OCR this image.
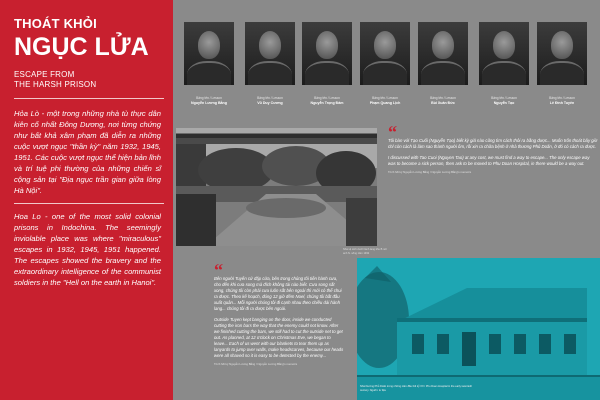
THOÁT KHỎI
NGỤC LỬA
ESCAPE FROM
THE HARSH PRISON

Hỏa Lò - một trong những nhà tù thực dân kiên cố nhất Đông Dương, nơi từng chứng như bất khả xâm phạm đã diễn ra những cuộc vượt ngục "thần kỳ" năm 1932, 1945, 1951. Các cuộc vượt ngục thể hiện bản lĩnh và trí tuệ phi thường của những chiến sĩ cộng sản tại "Địa ngục trần gian giữa lòng Hà Nội".

Hoa Lo - one of the most solid colonial prisons in Indochina. The seemingly inviolable place was where "miraculous" escapes in 1932, 1945, 1951 happened. The escapes showed the bravery and the extraordinary intelligence of the communist soldiers in the "Hell on the earth in Hanoi".

Bảng tên / Lesson
Nguyễn Lương Bằng
Bảng tên / Lesson
Vũ Duy Cương
Bảng tên / Lesson
Nguyễn Trọng Đảm
Bảng tên / Lesson
Phạm Quang Lịch
Bảng tên / Lesson
Bùi Xuân Đức
Bảng tên / Lesson
Nguyễn Tạo
Bảng tên / Lesson
Lê Đình Tuyến
Nhà vệ sinh dưới hành lang khu B nơi anh N. sống năm 1932
“

Tôi bàn với Tạo Cuối (Nguyễn Tạo) biết kỳ giả nào cũng tìm cách thôi ra bằng được... Muốn trốn thoát bây giờ chỉ còn cách là làm sao thành người ốm, rồi xin ra chữa bệnh ở nhà thương Phủ Doãn, ở đó có cách ra được.

I discussed with Tao Cuoi (Nguyen Tao) at any cost, we must find a way to escape... The only escape way was to become a sick person, then ask to be moved to Phu Doan Hospital, in there would be a way out.

Trích hồi ký Nguyễn Lương Bằng / Nguyễn Lương Bằng's memoirs

“

Bên người Tuyến cứ đặp cửa, bên trong chúng tôi tiến hành cưa, cho đến khi cưa song mà đích không tài nào biết. Cưa song sắt xong, chúng tôi còn phải cưa luôn sắt bên ngoài thì mới có thể chui ra được. Theo kế hoạch, đúng 12 giờ đêm Noel, chúng tôi bắt đầu xuất quân... Mỗi người chúng tôi đi cạnh nhau theo chiều dài hành lang... chúng tôi đi ra được bên ngoài.

Outside Tuyen kept banging on the door, inside we conducted cutting the iron bars the way that the enemy could not know. After we finished cutting the bars, we still had to cut the outside net to get out. As planned, at 12 o'clock on Christmas Eve, we began to leave... Each of us went with our blankets to tear them up as lanyards to jump over walls, make headscarves, because our heads were all shaved so it is easy to be detected by the enemy...

Trích hồi ký Nguyễn Lương Bằng / Nguyễn Lương Bằng's memoirs

Nhà thương Phủ Doãn trong những năm đầu thế kỷ XX / Phu Doan Hospital in the early twentieth century. Nguồn: tư liệu
